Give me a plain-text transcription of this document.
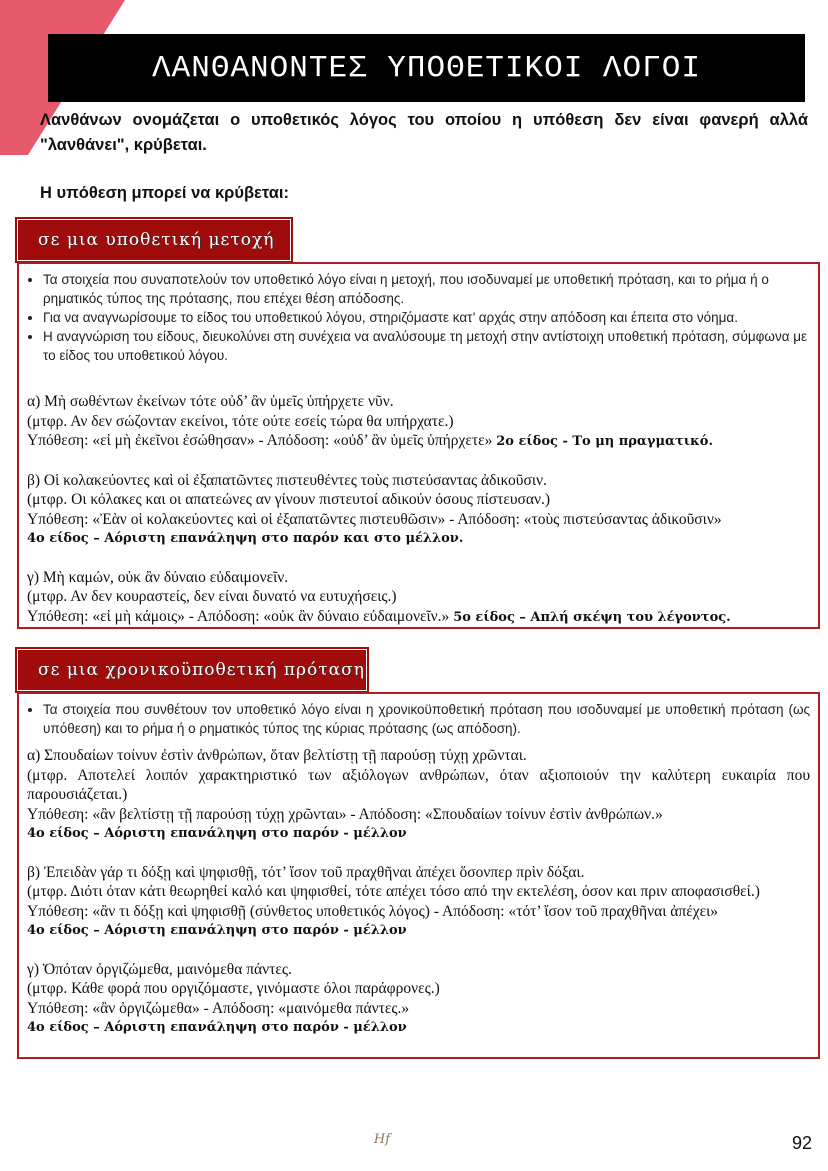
ΛΑΝΘΑΝΟΝΤΕΣ ΥΠΟΘΕΤΙΚΟΙ ΛΟΓΟΙ
Λανθάνων ονομάζεται ο υποθετικός λόγος του οποίου η υπόθεση δεν είναι φανερή αλλά "λανθάνει", κρύβεται.
Η υπόθεση μπορεί να κρύβεται:
σε μια υποθετική μετοχή
• Τα στοιχεία που συναποτελούν τον υποθετικό λόγο είναι η μετοχή, που ισοδυναμεί με υποθετική πρόταση, και το ρήμα ή ο ρηματικός τύπος της πρότασης, που επέχει θέση απόδοσης.
• Για να αναγνωρίσουμε το είδος του υποθετικού λόγου, στηριζόμαστε κατ’ αρχάς στην απόδοση και έπειτα στο νόημα.
• Η αναγνώριση του είδους, διευκολύνει στη συνέχεια να αναλύσουμε τη μετοχή στην αντίστοιχη υποθετική πρόταση, σύμφωνα με το είδος του υποθετικού λόγου.

α) Μὴ σωθέντων ἐκείνων τότε οὐδ’ ἂν ὑμεῖς ὑπήρχετε νῦν.

(μτφρ. Αν δεν σώζονταν εκείνοι, τότε ούτε εσείς τώρα θα υπήρχατε.)

Υπόθεση: «εἰ μὴ ἐκεῖνοι ἐσώθησαν» - Απόδοση: «οὐδ’ ἂν ὑμεῖς ὑπήρχετε» 2ο είδος - Το μη πραγματικό.

β) Οἱ κολακεύοντες καὶ οἱ ἐξαπατῶντες πιστευθέντες τοὺς πιστεύσαντας ἀδικοῦσιν.

(μτφρ. Οι κόλακες και οι απατεώνες αν γίνουν πιστευτοί αδικούν όσους πίστευσαν.)

Υπόθεση: «Ἐὰν οἱ κολακεύοντες καὶ οἱ ἐξαπατῶντες πιστευθῶσιν» - Απόδοση: «τοὺς πιστεύσαντας ἀδικοῦσιν»

4ο είδος – Αόριστη επανάληψη στο παρόν και στο μέλλον.

γ) Μὴ καμών, οὐκ ἂν δύναιο εὐδαιμονεῖν.

(μτφρ. Αν δεν κουραστείς, δεν είναι δυνατό να ευτυχήσεις.)

Υπόθεση: «εἰ μὴ κάμοις» - Απόδοση: «οὐκ ἂν δύναιο εὐδαιμονεῖν.» 5ο είδος – Απλή σκέψη του λέγοντος.

σε μια χρονικοϋποθετική πρόταση
• Τα στοιχεία που συνθέτουν τον υποθετικό λόγο είναι η χρονικοϋποθετική πρόταση που ισοδυναμεί με υποθετική πρόταση (ως υπόθεση) και το ρήμα ή ο ρηματικός τύπος της κύριας πρότασης (ως απόδοση).

α) Σπουδαίων τοίνυν ἐστὶν ἀνθρώπων, ὅταν βελτίστῃ τῇ παρούσῃ τύχῃ χρῶνται.

(μτφρ. Αποτελεί λοιπόν χαρακτηριστικό των αξιόλογων ανθρώπων, όταν αξιοποιούν την καλύτερη ευκαιρία που παρουσιάζεται.)

Υπόθεση: «ἂν βελτίστῃ τῇ παρούσῃ τύχῃ χρῶνται» - Απόδοση: «Σπουδαίων τοίνυν ἐστὶν ἀνθρώπων.»

4ο είδος – Αόριστη επανάληψη στο παρόν - μέλλον

β) Ἐπειδὰν γάρ τι δόξῃ καὶ ψηφισθῇ, τότ’ ἴσον τοῦ πραχθῆναι ἀπέχει ὅσονπερ πρὶν δόξαι.

(μτφρ. Διότι όταν κάτι θεωρηθεί καλό και ψηφισθεί, τότε απέχει τόσο από την εκτελέση, όσον και πριν αποφασισθεί.)

Υπόθεση: «ἂν τι δόξῃ καὶ ψηφισθῇ (σύνθετος υποθετικός λόγος) - Απόδοση: «τότ’ ἴσον τοῦ πραχθῆναι ἀπέχει»

4ο είδος – Αόριστη επανάληψη στο παρόν - μέλλον

γ) Ὁπόταν ὀργιζώμεθα, μαινόμεθα πάντες.

(μτφρ. Κάθε φορά που οργιζόμαστε, γινόμαστε όλοι παράφρονες.)

Υπόθεση: «ἂν ὀργιζώμεθα» - Απόδοση: «μαινόμεθα πάντες.»

4ο είδος – Αόριστη επανάληψη στο παρόν - μέλλον

Hf	92
